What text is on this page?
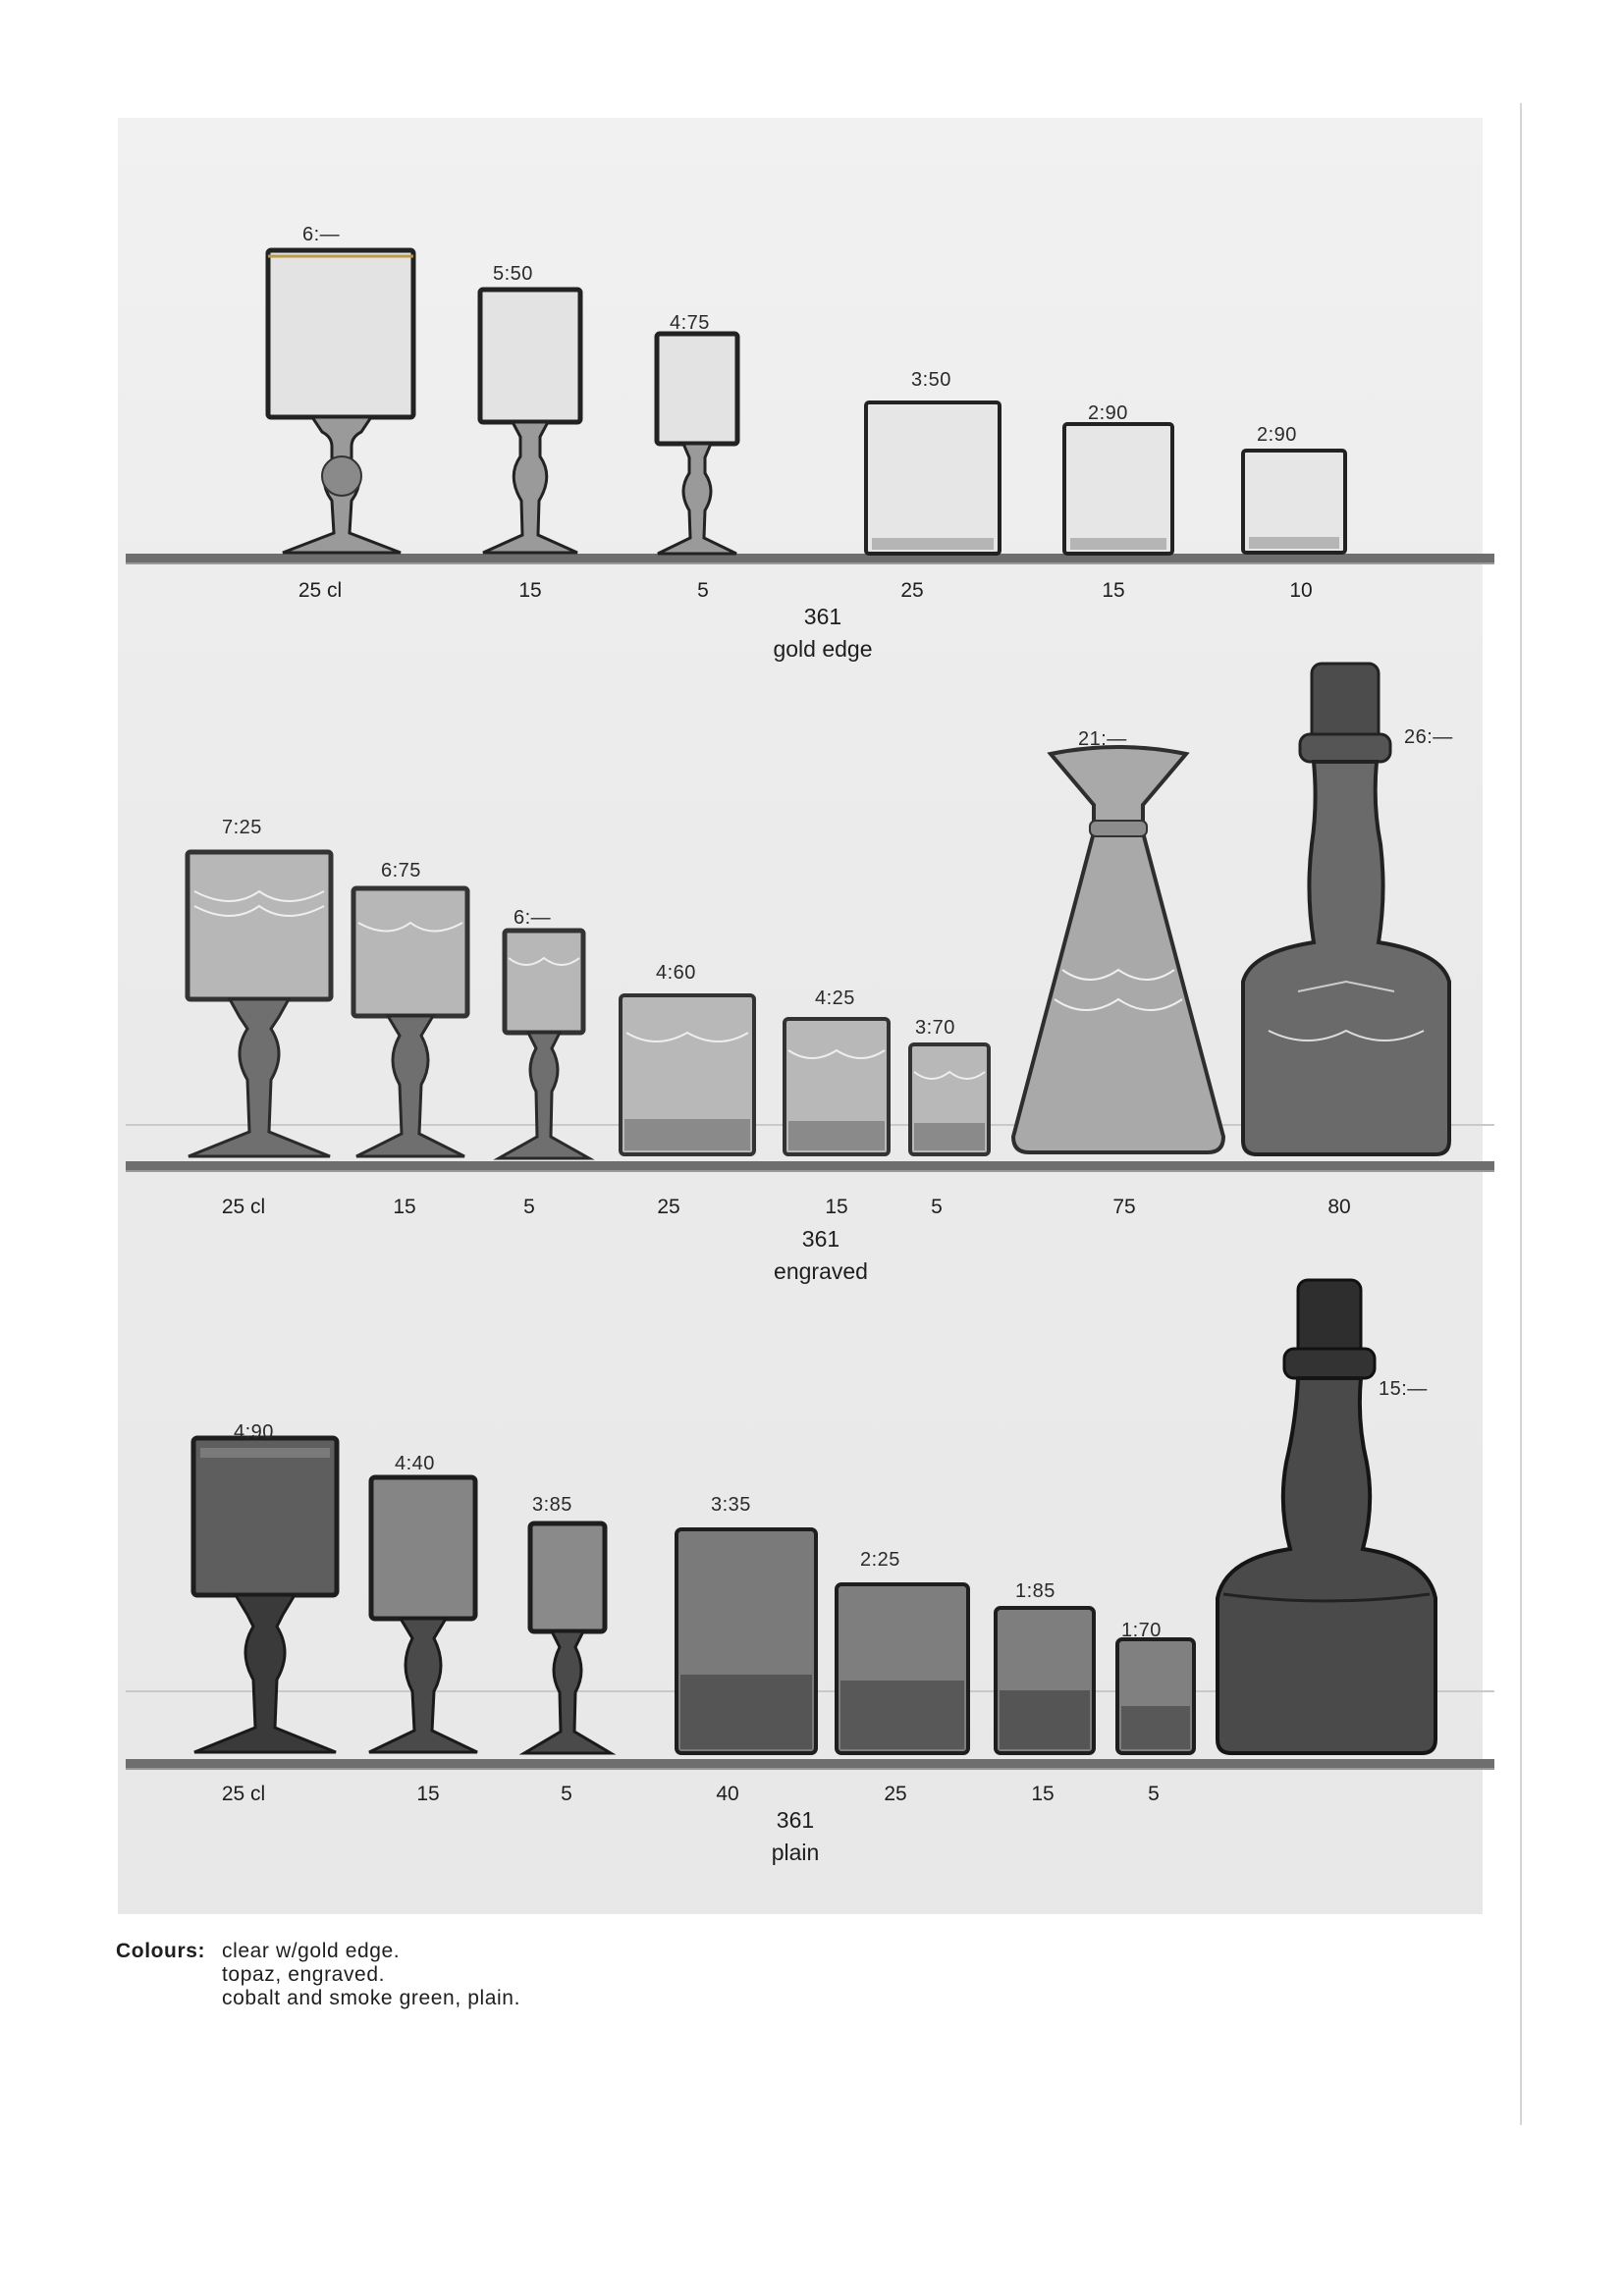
6:—
5:50
4:75
3:50
2:90
2:90
25 cl	15	5	25	15	10
361
gold edge
7:25
6:75
6:—
4:60
4:25
3:70
21:—	26:—
25 cl	15	5	25	15	5	75	80
361
engraved
4:90
4:40
3:85	3:35
2:25
1:85
1:70
15:—
25 cl	15	5	40	25	15	5
361
plain
Colours: clear w/gold edge.
topaz, engraved.
cobalt and smoke green, plain.
